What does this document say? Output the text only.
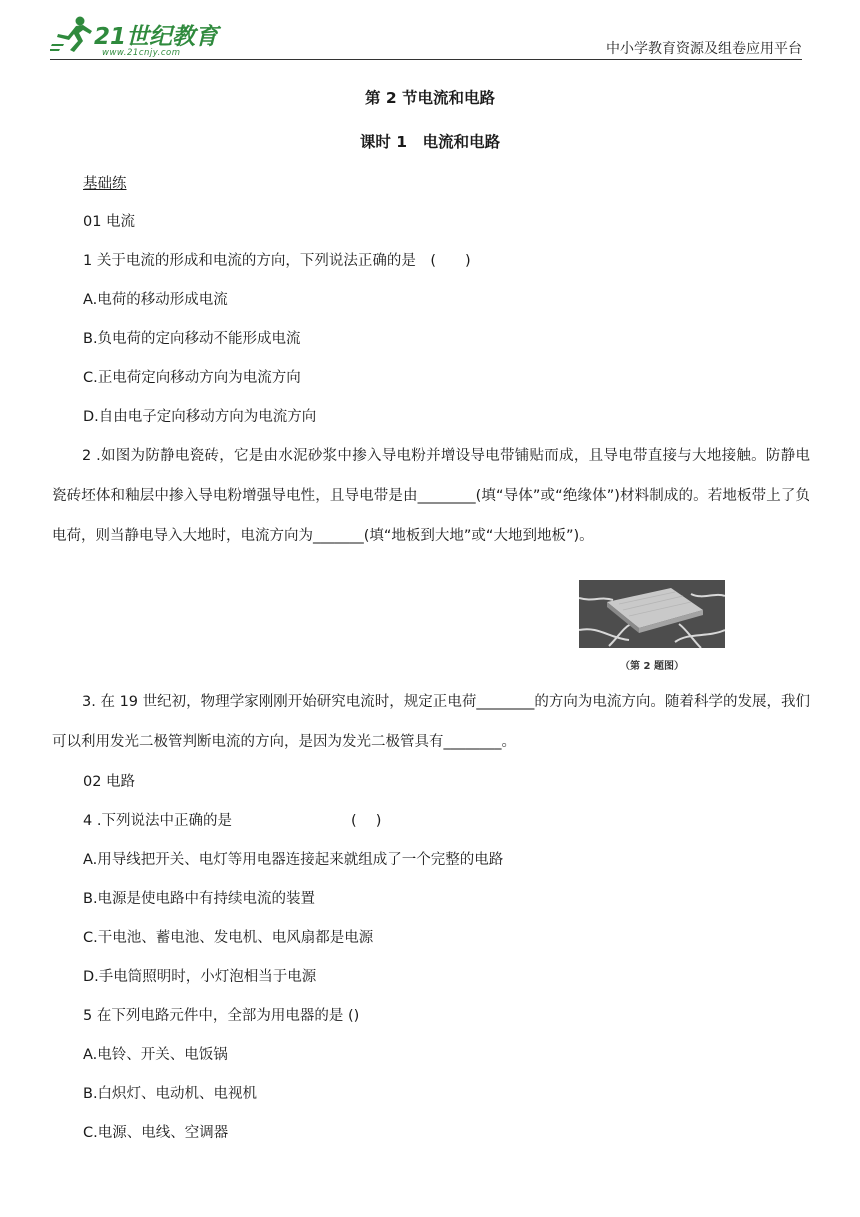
21世纪教育
www.21cnjy.com	中小学教育资源及组卷应用平台
第 2 节电流和电路
课时 1　电流和电路
基础练
01 电流
1 关于电流的形成和电流的方向，下列说法正确的是　(　　)
A.电荷的移动形成电流
B.负电荷的定向移动不能形成电流
C.正电荷定向移动方向为电流方向
D.自由电子定向移动方向为电流方向
2 .如图为防静电瓷砖，它是由水泥砂浆中掺入导电粉并增设导电带铺贴而成，且导电带直接与大地接触。防静电瓷砖坯体和釉层中掺入导电粉增强导电性，且导电带是由________(填“导体”或“绝缘体”)材料制成的。若地板带上了负电荷，则当静电导入大地时，电流方向为_______(填“地板到大地”或“大地到地板”)。
（第 2 题图）
3. 在 19 世纪初，物理学家刚刚开始研究电流时，规定正电荷________的方向为电流方向。随着科学的发展，我们可以利用发光二极管判断电流的方向，是因为发光二极管具有________。
02 电路
4 .下列说法中正确的是	(　 )
A.用导线把开关、电灯等用电器连接起来就组成了一个完整的电路
B.电源是使电路中有持续电流的装置
C.干电池、蓄电池、发电机、电风扇都是电源
D.手电筒照明时，小灯泡相当于电源
5 在下列电路元件中，全部为用电器的是 ()
A.电铃、开关、电饭锅
B.白炽灯、电动机、电视机
C.电源、电线、空调器
